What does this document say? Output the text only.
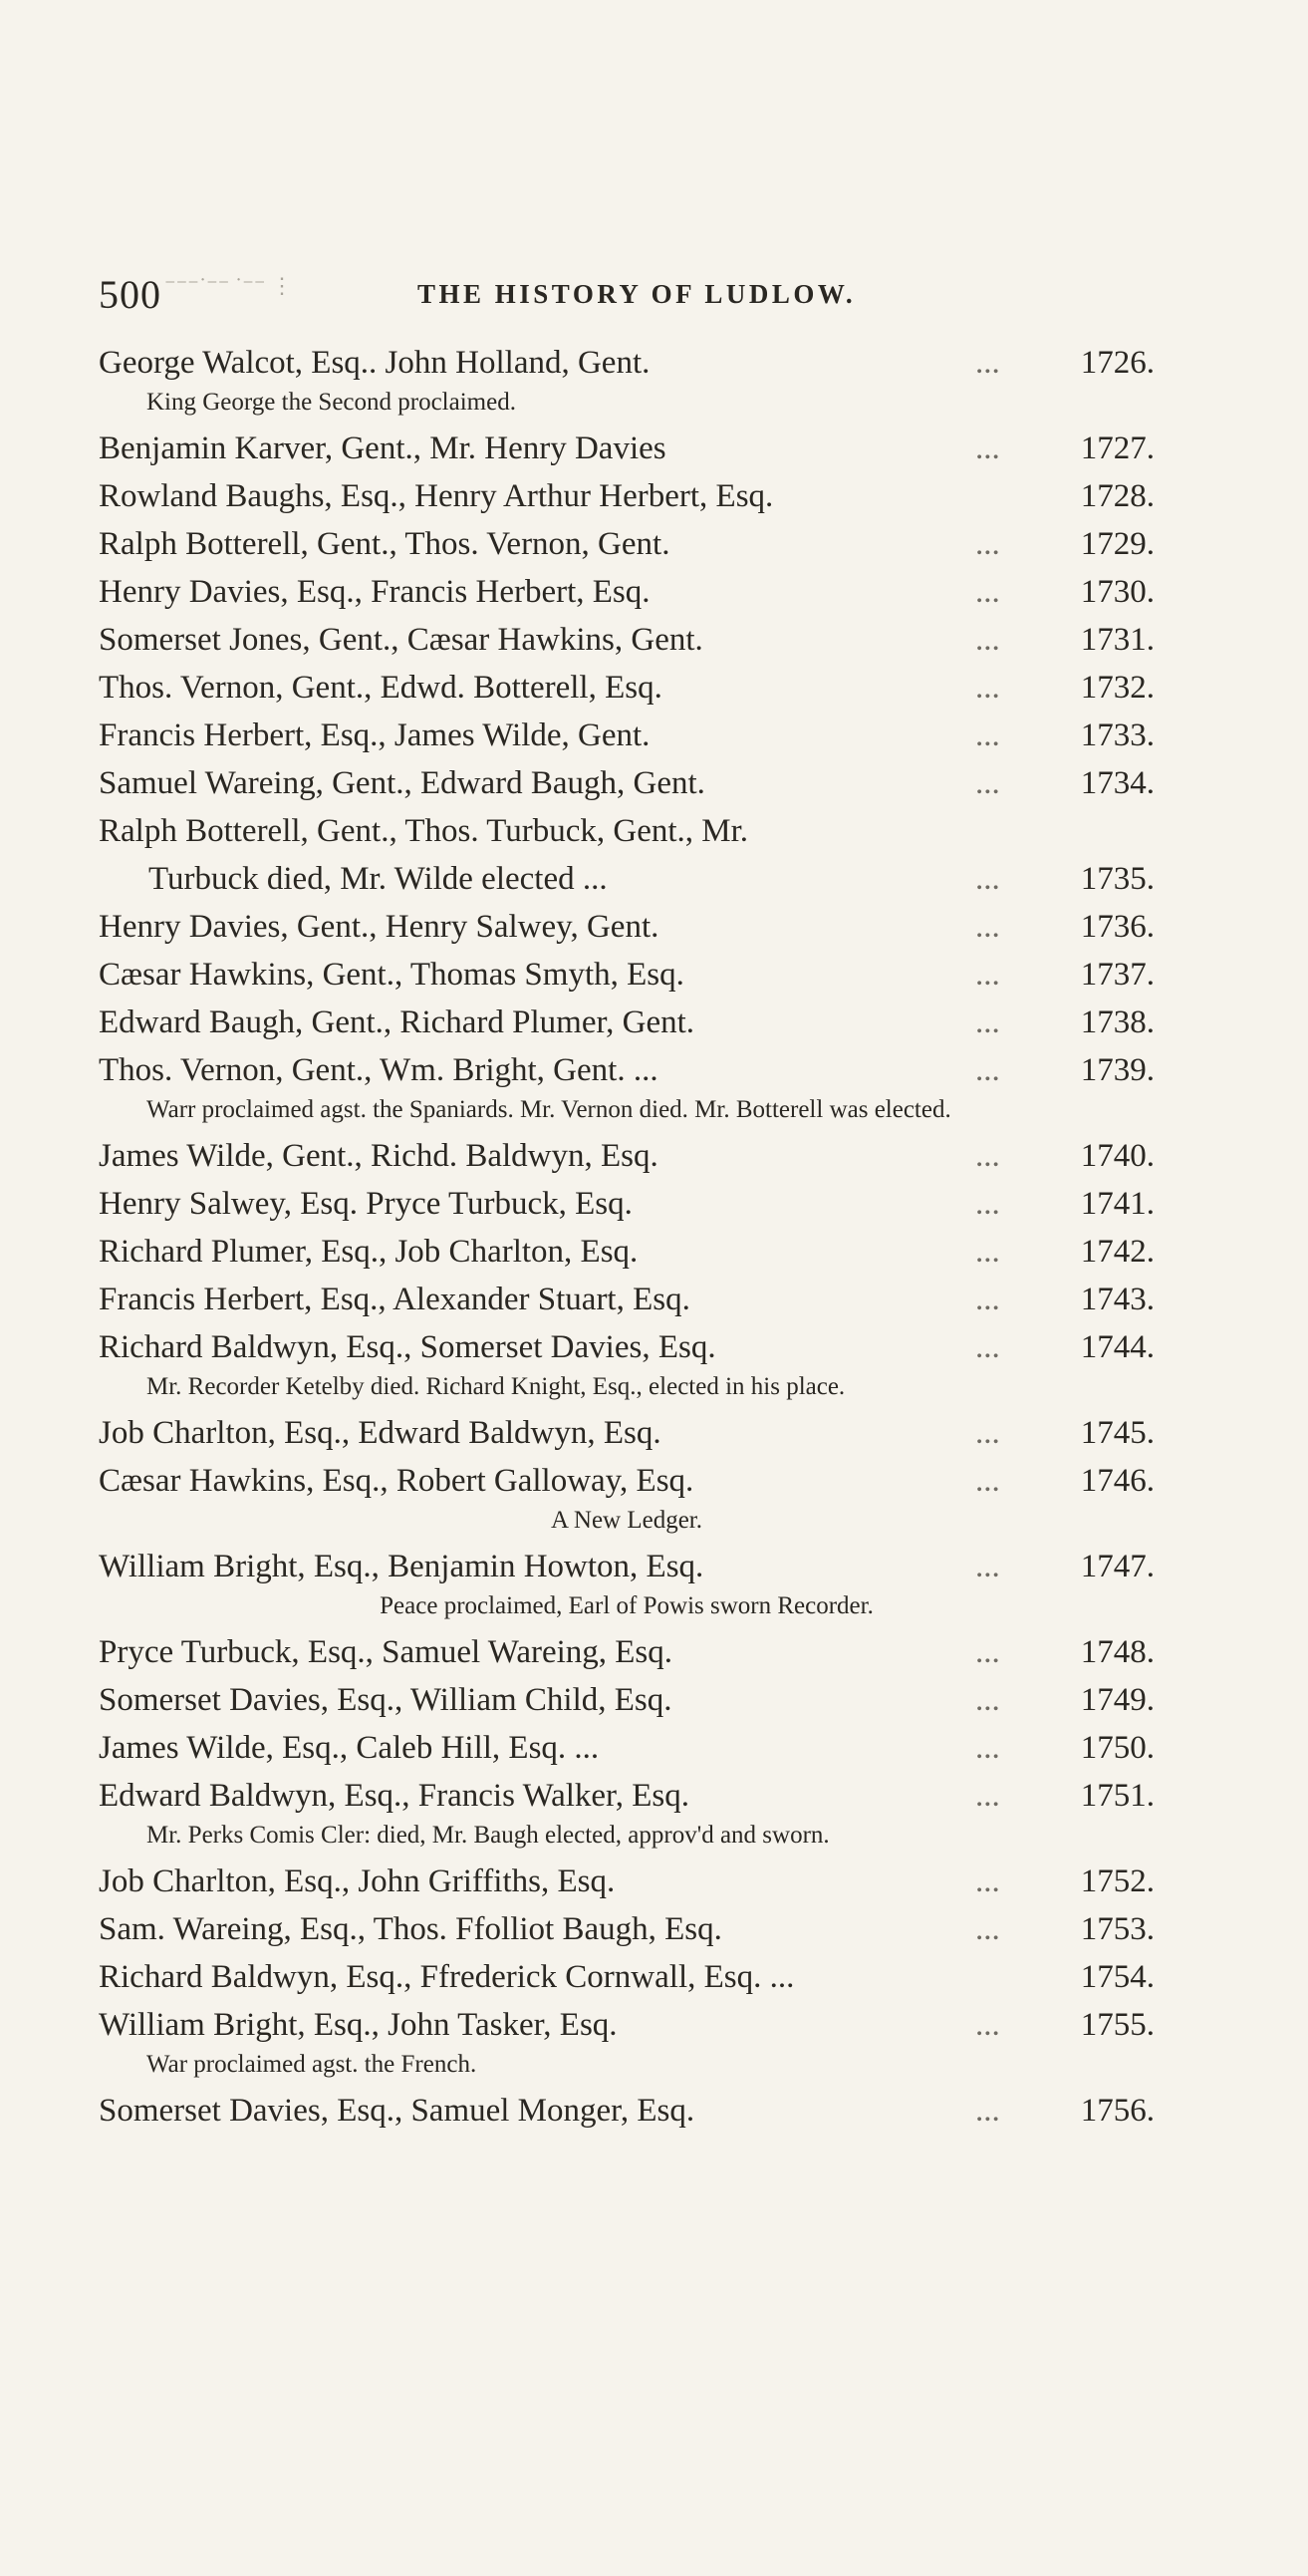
500 ⁻⁻⁻˙⁻⁻ ˙⁻⁻ ⋮	THE HISTORY OF LUDLOW.
George Walcot, Esq.. John Holland, Gent.	...	1726.
King George the Second proclaimed.
Benjamin Karver, Gent., Mr. Henry Davies	...	1727.
Rowland Baughs, Esq., Henry Arthur Herbert, Esq.	1728.
Ralph Botterell, Gent., Thos. Vernon, Gent.	...	1729.
Henry Davies, Esq., Francis Herbert, Esq.	...	1730.
Somerset Jones, Gent., Cæsar Hawkins, Gent.	...	1731.
Thos. Vernon, Gent., Edwd. Botterell, Esq.	...	1732.
Francis Herbert, Esq., James Wilde, Gent.	...	1733.
Samuel Wareing, Gent., Edward Baugh, Gent.	...	1734.
Ralph Botterell, Gent., Thos. Turbuck, Gent., Mr.
Turbuck died, Mr. Wilde elected ...	...	1735.
Henry Davies, Gent., Henry Salwey, Gent.	...	1736.
Cæsar Hawkins, Gent., Thomas Smyth, Esq.	...	1737.
Edward Baugh, Gent., Richard Plumer, Gent.	...	1738.
Thos. Vernon, Gent., Wm. Bright, Gent. ...	...	1739.
Warr proclaimed agst. the Spaniards. Mr. Vernon died. Mr. Botterell was elected.
James Wilde, Gent., Richd. Baldwyn, Esq.	...	1740.
Henry Salwey, Esq. Pryce Turbuck, Esq.	...	1741.
Richard Plumer, Esq., Job Charlton, Esq.	...	1742.
Francis Herbert, Esq., Alexander Stuart, Esq.	...	1743.
Richard Baldwyn, Esq., Somerset Davies, Esq.	...	1744.
Mr. Recorder Ketelby died. Richard Knight, Esq., elected in his place.
Job Charlton, Esq., Edward Baldwyn, Esq.	...	1745.
Cæsar Hawkins, Esq., Robert Galloway, Esq.	...	1746.
A New Ledger.
William Bright, Esq., Benjamin Howton, Esq.	...	1747.
Peace proclaimed, Earl of Powis sworn Recorder.
Pryce Turbuck, Esq., Samuel Wareing, Esq.	...	1748.
Somerset Davies, Esq., William Child, Esq.	...	1749.
James Wilde, Esq., Caleb Hill, Esq. ...	...	1750.
Edward Baldwyn, Esq., Francis Walker, Esq.	...	1751.
Mr. Perks Comis Cler: died, Mr. Baugh elected, approv'd and sworn.
Job Charlton, Esq., John Griffiths, Esq.	...	1752.
Sam. Wareing, Esq., Thos. Ffolliot Baugh, Esq.	...	1753.
Richard Baldwyn, Esq., Ffrederick Cornwall, Esq. ...	1754.
William Bright, Esq., John Tasker, Esq.	...	1755.
War proclaimed agst. the French.
Somerset Davies, Esq., Samuel Monger, Esq.	...	1756.
